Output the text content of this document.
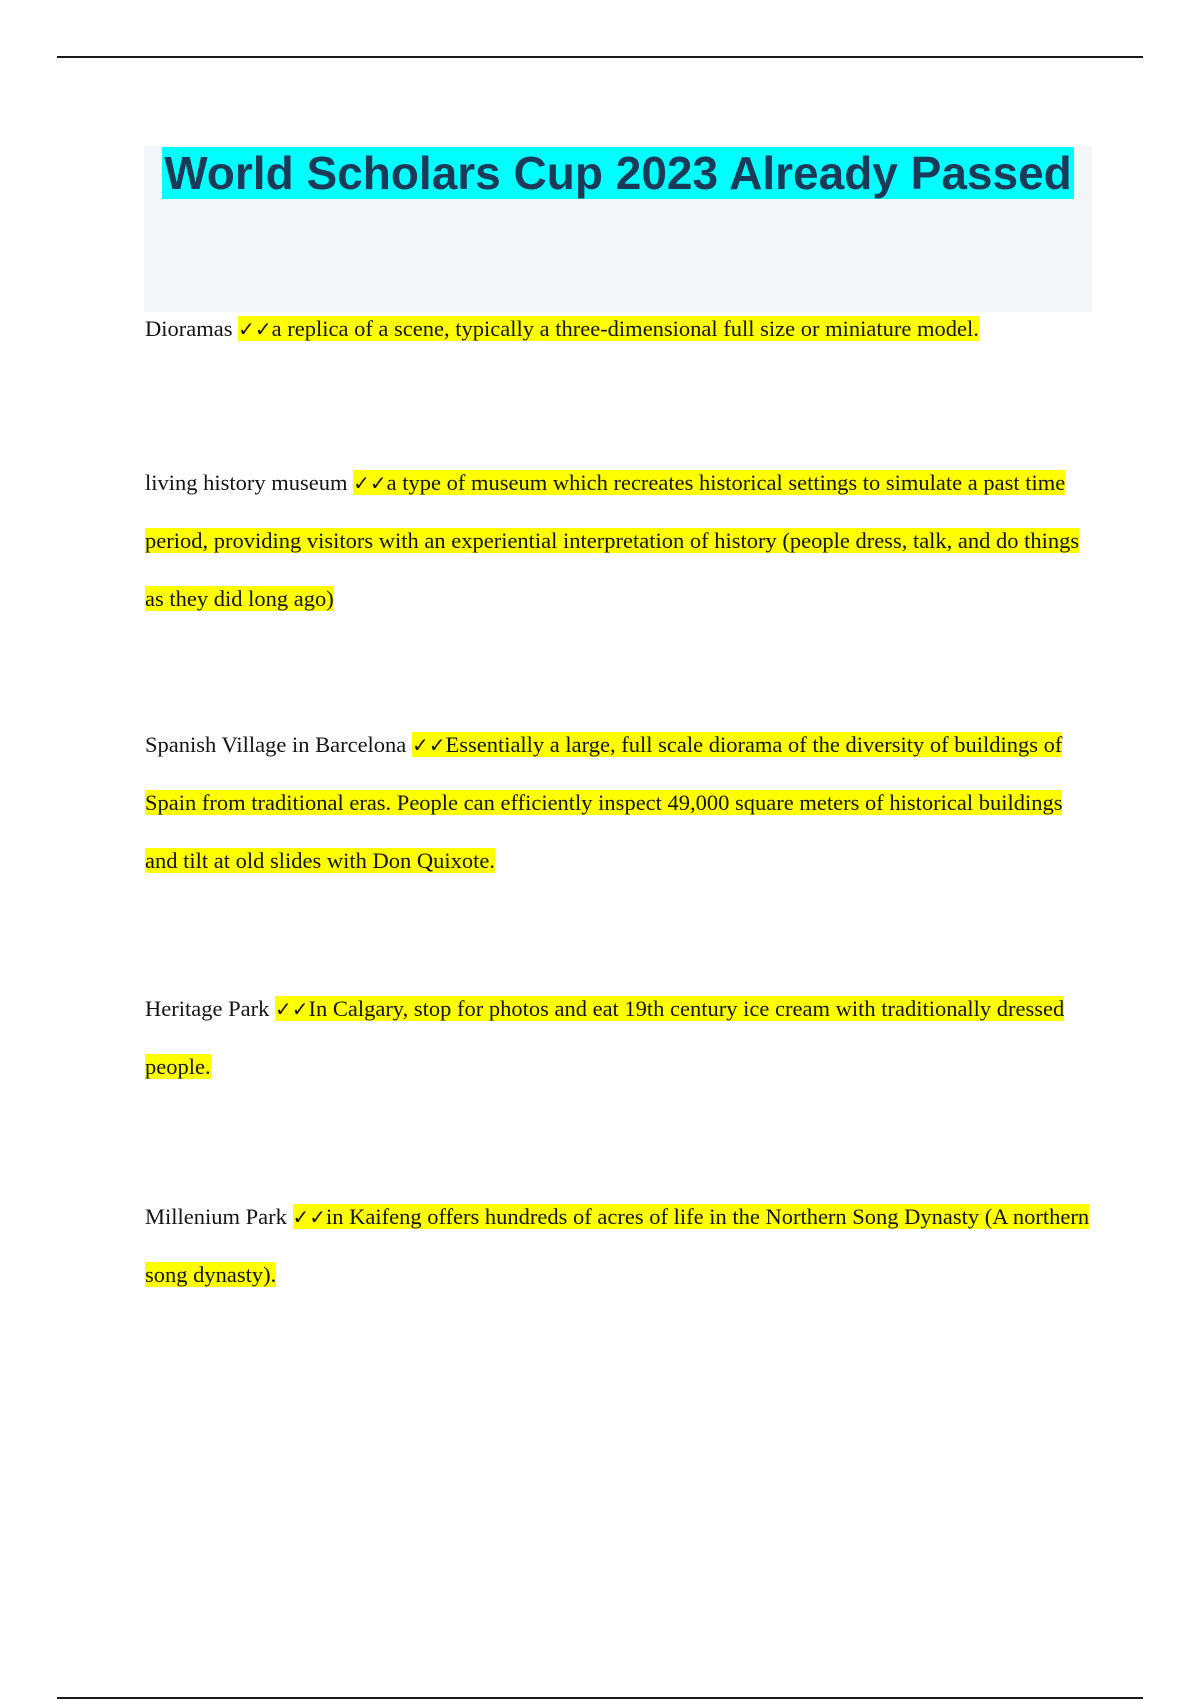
World Scholars Cup 2023 Already Passed

Dioramas ✓✓a replica of a scene, typically a three-dimensional full size or miniature model.

living history museum ✓✓a type of museum which recreates historical settings to simulate a past time period, providing visitors with an experiential interpretation of history (people dress, talk, and do things as they did long ago)

Spanish Village in Barcelona ✓✓Essentially a large, full scale diorama of the diversity of buildings of Spain from traditional eras. People can efficiently inspect 49,000 square meters of historical buildings and tilt at old slides with Don Quixote.

Heritage Park ✓✓In Calgary, stop for photos and eat 19th century ice cream with traditionally dressed people.

Millenium Park ✓✓in Kaifeng offers hundreds of acres of life in the Northern Song Dynasty (A northern song dynasty).
